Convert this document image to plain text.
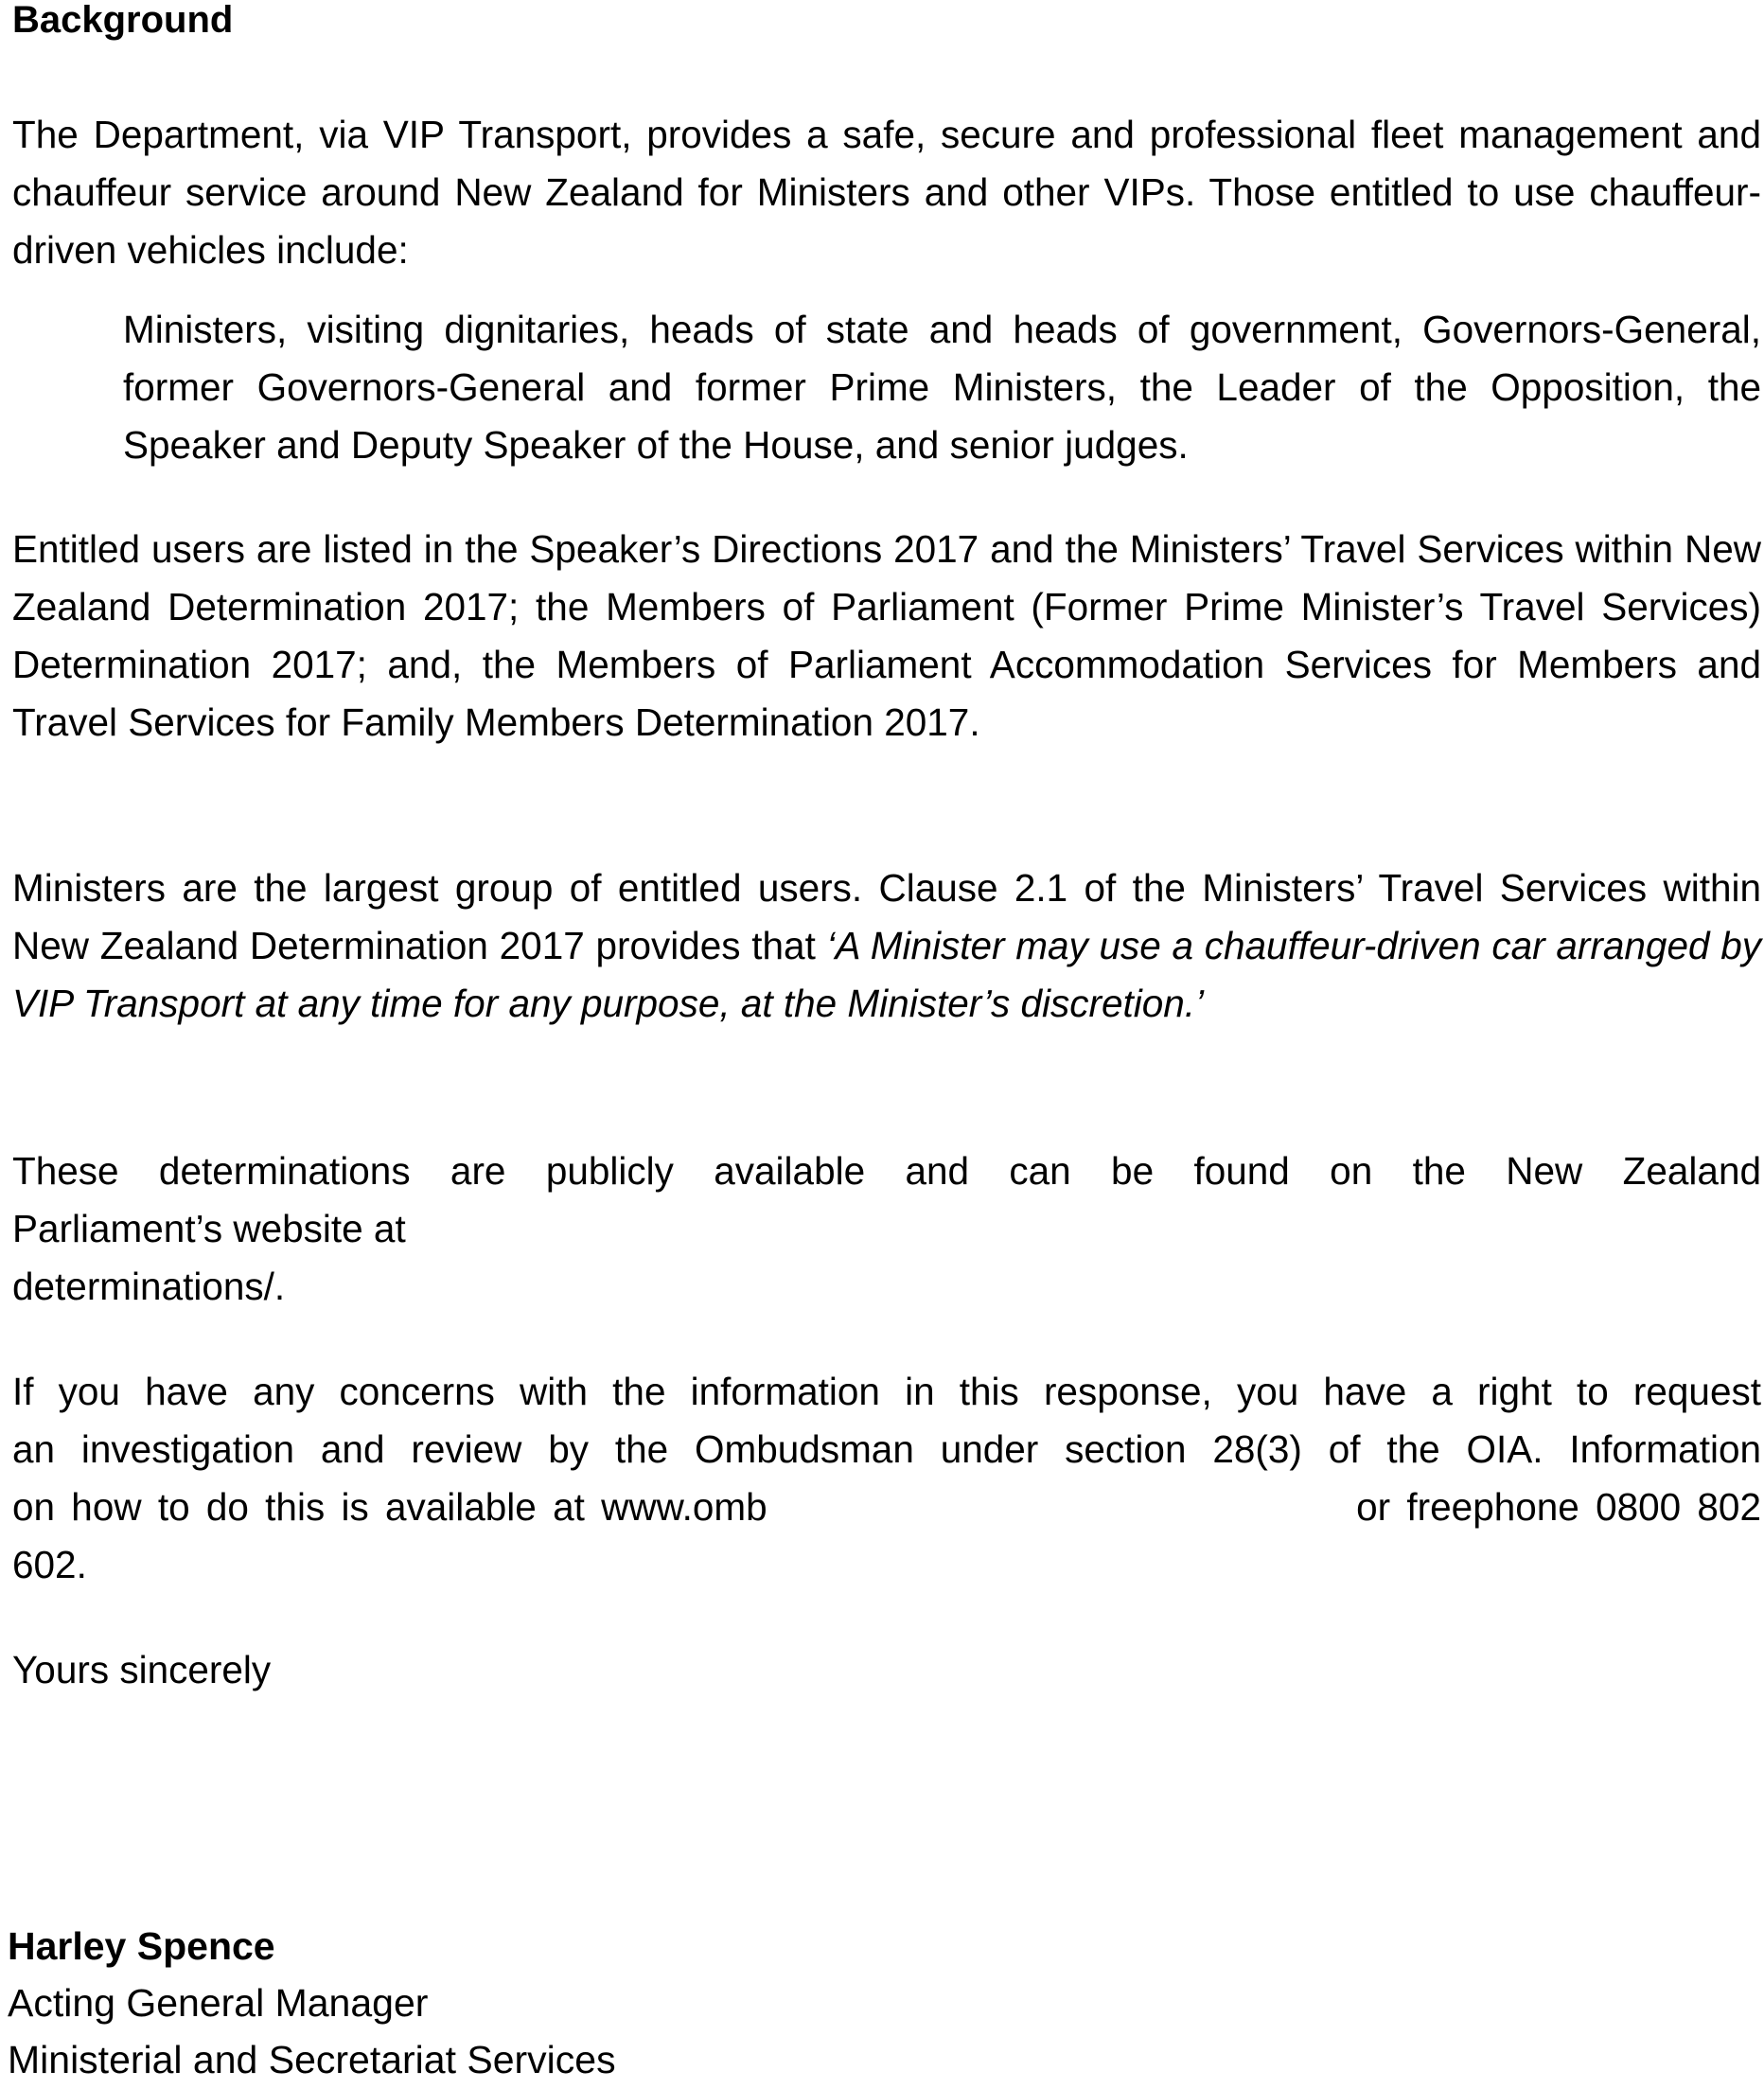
Background
The Department, via VIP Transport, provides a safe, secure and professional fleet management and chauffeur service around New Zealand for Ministers and other VIPs. Those entitled to use chauffeur-driven vehicles include:
Ministers, visiting dignitaries, heads of state and heads of government, Governors-General, former Governors-General and former Prime Ministers, the Leader of the Opposition, the Speaker and Deputy Speaker of the House, and senior judges.
Entitled users are listed in the Speaker’s Directions 2017 and the Ministers’ Travel Services within New Zealand Determination 2017; the Members of Parliament (Former Prime Minister’s Travel Services) Determination 2017; and, the Members of Parliament Accommodation Services for Members and Travel Services for Family Members Determination 2017.
Ministers are the largest group of entitled users. Clause 2.1 of the Ministers’ Travel Services within New Zealand Determination 2017 provides that ‘A Minister may use a chauffeur-driven car arranged by VIP Transport at any time for any purpose, at the Minister’s discretion.’
These determinations are publicly available and can be found on the New Zealand
Parliament’s website at
determinations/.
If you have any concerns with the information in this response, you have a right to request
an investigation and review by the Ombudsman under section 28(3) of the OIA. Information
on how to do this is available at www.omb	or freephone 0800 802
602.
Yours sincerely
Harley Spence
Acting General Manager
Ministerial and Secretariat Services
